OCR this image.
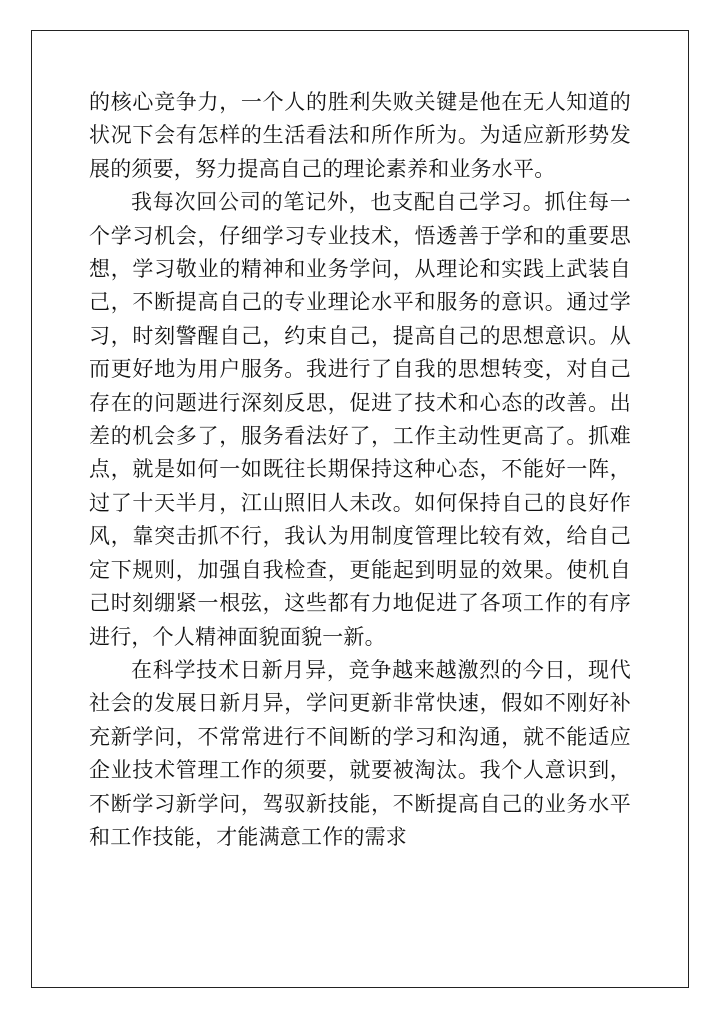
的核心竞争力，一个人的胜利失败关键是他在无人知道的状况下会有怎样的生活看法和所作所为。为适应新形势发展的须要，努力提高自己的理论素养和业务水平。

我每次回公司的笔记外，也支配自己学习。抓住每一个学习机会，仔细学习专业技术，悟透善于学和的重要思想，学习敬业的精神和业务学问，从理论和实践上武装自己，不断提高自己的专业理论水平和服务的意识。通过学习，时刻警醒自己，约束自己，提高自己的思想意识。从而更好地为用户服务。我进行了自我的思想转变，对自己存在的问题进行深刻反思，促进了技术和心态的改善。出差的机会多了，服务看法好了，工作主动性更高了。抓难点，就是如何一如既往长期保持这种心态，不能好一阵，过了十天半月，江山照旧人未改。如何保持自己的良好作风，靠突击抓不行，我认为用制度管理比较有效，给自己定下规则，加强自我检查，更能起到明显的效果。使机自己时刻绷紧一根弦，这些都有力地促进了各项工作的有序进行，个人精神面貌面貌一新。

在科学技术日新月异，竞争越来越激烈的今日，现代社会的发展日新月异，学问更新非常快速，假如不刚好补充新学问，不常常进行不间断的学习和沟通，就不能适应企业技术管理工作的须要，就要被淘汰。我个人意识到，不断学习新学问，驾驭新技能，不断提高自己的业务水平和工作技能，才能满意工作的需求
